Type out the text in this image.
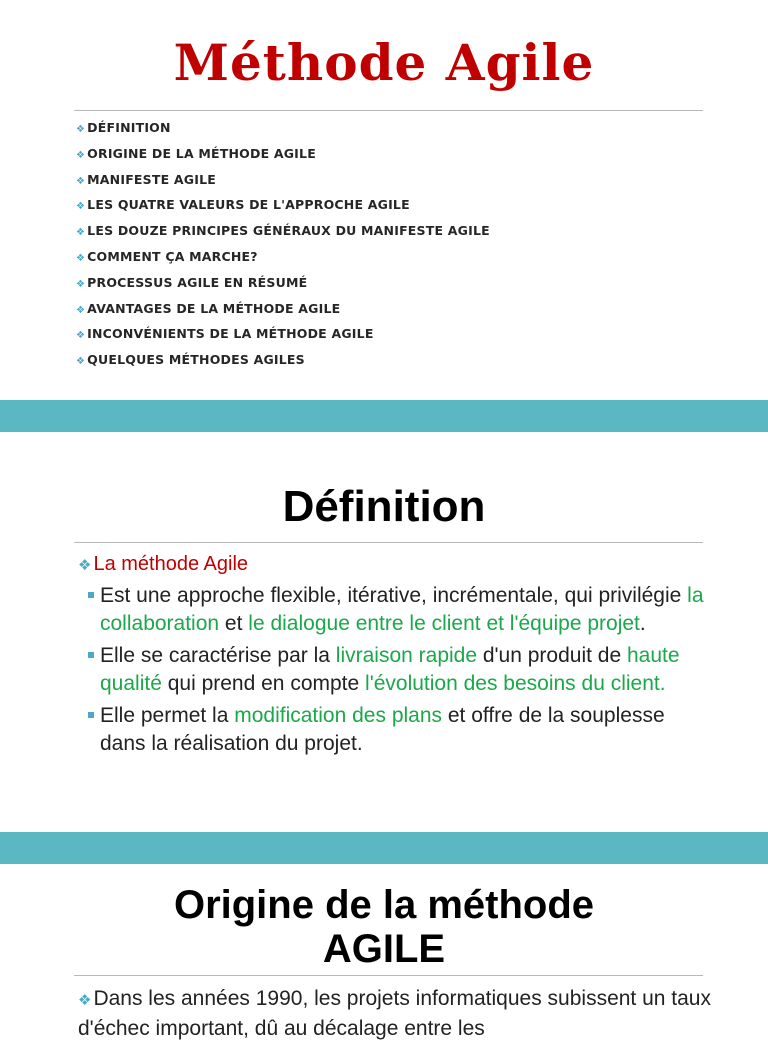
Méthode Agile
❖ DÉFINITION
❖ ORIGINE DE LA MÉTHODE AGILE
❖ MANIFESTE AGILE
❖ LES QUATRE VALEURS DE L'APPROCHE AGILE
❖ LES DOUZE PRINCIPES GÉNÉRAUX DU MANIFESTE AGILE
❖ COMMENT ÇA MARCHE?
❖ PROCESSUS AGILE EN RÉSUMÉ
❖ AVANTAGES DE LA MÉTHODE AGILE
❖ INCONVÉNIENTS DE LA MÉTHODE AGILE
❖ QUELQUES MÉTHODES AGILES
Définition
❖ La méthode Agile
Est une approche flexible, itérative, incrémentale, qui privilégie la collaboration et le dialogue entre le client et l'équipe projet.
Elle se caractérise par la livraison rapide d'un produit de haute qualité qui prend en compte l'évolution des besoins du client.
Elle permet la modification des plans et offre de la souplesse dans la réalisation du projet.
Origine de la méthode
AGILE
❖Dans les années 1990, les projets informatiques subissent un taux d'échec important, dû au décalage entre les
